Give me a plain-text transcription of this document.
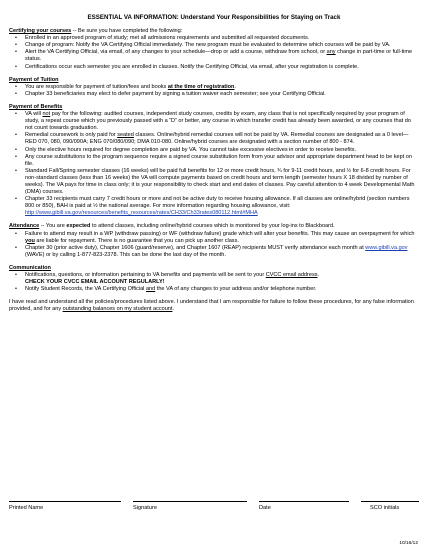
ESSENTIAL VA INFORMATION: Understand Your Responsibilities for Staying on Track
Certifying your courses -- Be sure you have completed the following:
• Enrolled in an approved program of study; met all admissions requirements and submitted all requested documents.
• Change of program: Notify the VA Certifying Official immediately. The new program must be evaluated to determine which courses will be paid by VA.
• Alert the VA Certifying Official, via email, of any changes to your schedule—drop or add a course, withdraw from school, or any change in part-time or full-time status.
• Certifications occur each semester you are enrolled in classes. Notify the Certifying Official, via email, after your registration is complete.
Payment of Tuition
• You are responsible for payment of tuition/fees and books at the time of registration.
• Chapter 33 beneficiaries may elect to defer payment by signing a tuition waiver each semester; see your Certifying Official.
Payment of Benefits
• VA will not pay for the following: audited courses, independent study courses, credits by exam, any class that is not specifically required by your program of study, a repeat course which you previously passed with a “D” or better, any course in which transfer credit has already been awarded, or any courses that do not count towards graduation.
• Remedial coursework is only paid for seated classes. Online/hybrid remedial courses will not be paid by VA. Remedial courses are designated as a 0 level—RED 070, 080, 090/090A; ENG 070/080/090; DMA 010-080. Online/hybrid courses are designated with a section number of 800 - 874.
• Only the elective hours required for degree completion are paid by VA. You cannot take excessive electives in order to receive benefits.
• Any course substitutions to the program sequence require a signed course substitution form from your advisor and appropriate department head to be kept on file.
• Standard Fall/Spring semester classes (16 weeks) will be paid full benefits for 12 or more credit hours, ¾ for 9-11 credit hours, and ½ for 6-8 credit hours. For non-standard classes (less than 16 weeks) the VA will compute payments based on credit hours and term length (semester hours X 18 divided by number of weeks). The VA pays for time in class only; it is your responsibility to check start and end dates of classes. Pay careful attention to 4 week Developmental Math (DMA) courses.
• Chapter 33 recipients must carry 7 credit hours or more and not be active duty to receive housing allowance. If all classes are online/hybrid (section numbers 800 or 850), BAH is paid at ½ the national average. For more information regarding housing allowance, visit: http://www.gibill.va.gov/resources/benefits_resources/rates/CH33/Ch33rates080112.html#MHA
Attendance -- You are expected to attend classes, including online/hybrid courses which is monitored by your log-ins to Blackboard.
• Failure to attend may result in a WP (withdraw passing) or WF (withdraw failure) grade which will alter your benefits. This may cause an overpayment for which you are liable for repayment. There is no guarantee that you can pick up another class.
• Chapter 30 (prior active duty), Chapter 1606 (guard/reserve), and Chapter 1607 (REAP) recipients MUST verify attendance each month at www.gibill.va.gov (WAVE) or by calling 1-877-823-2378. This can be done the last day of the month.
Communication
• Notifications, questions, or information pertaining to VA benefits and payments will be sent to your CVCC email address.
CHECK YOUR CVCC EMAIL ACCOUNT REGULARLY!
• Notify Student Records, the VA Certifying Official and the VA of any changes to your address and/or telephone number.
I have read and understand all the policies/procedures listed above. I understand that I am responsible for failure to follow these procedures, for any false information provided, and for any outstanding balances on my student account.
Printed Name	Signature	Date	SCO initials
10/16/12
